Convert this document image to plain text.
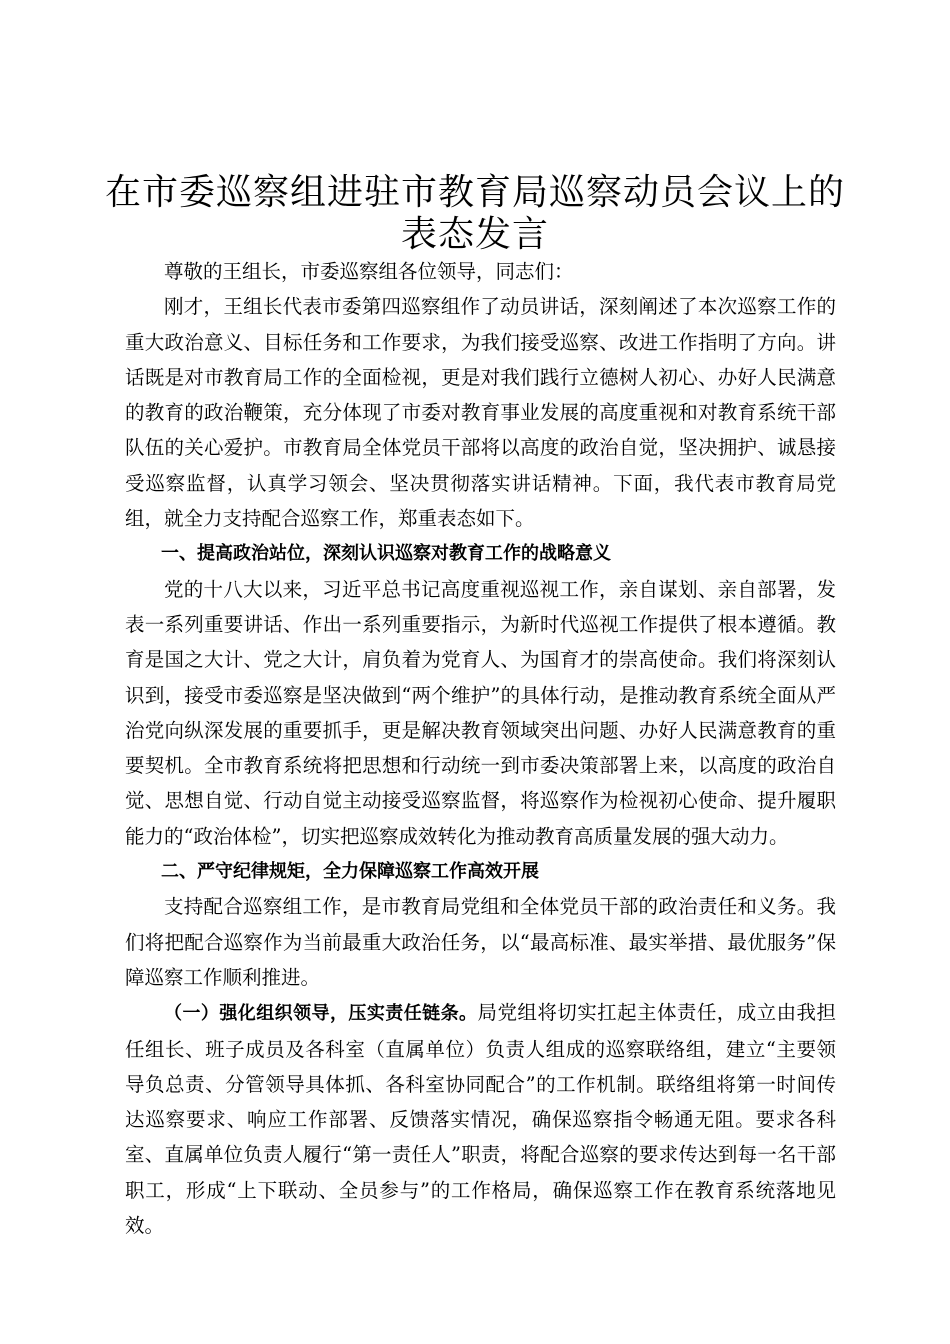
在市委巡察组进驻市教育局巡察动员会议上的
表态发言

尊敬的王组长，市委巡察组各位领导，同志们：

刚才，王组长代表市委第四巡察组作了动员讲话，深刻阐述了本次巡察工作的重大政治意义、目标任务和工作要求，为我们接受巡察、改进工作指明了方向。讲话既是对市教育局工作的全面检视，更是对我们践行立德树人初心、办好人民满意的教育的政治鞭策，充分体现了市委对教育事业发展的高度重视和对教育系统干部队伍的关心爱护。市教育局全体党员干部将以高度的政治自觉，坚决拥护、诚恳接受巡察监督，认真学习领会、坚决贯彻落实讲话精神。下面，我代表市教育局党组，就全力支持配合巡察工作，郑重表态如下。

一、提高政治站位，深刻认识巡察对教育工作的战略意义

党的十八大以来，习近平总书记高度重视巡视工作，亲自谋划、亲自部署，发表一系列重要讲话、作出一系列重要指示，为新时代巡视工作提供了根本遵循。教育是国之大计、党之大计，肩负着为党育人、为国育才的崇高使命。我们将深刻认识到，接受市委巡察是坚决做到“两个维护”的具体行动，是推动教育系统全面从严治党向纵深发展的重要抓手，更是解决教育领域突出问题、办好人民满意教育的重要契机。全市教育系统将把思想和行动统一到市委决策部署上来，以高度的政治自觉、思想自觉、行动自觉主动接受巡察监督，将巡察作为检视初心使命、提升履职能力的“政治体检”，切实把巡察成效转化为推动教育高质量发展的强大动力。

二、严守纪律规矩，全力保障巡察工作高效开展

支持配合巡察组工作，是市教育局党组和全体党员干部的政治责任和义务。我们将把配合巡察作为当前最重大政治任务，以“最高标准、最实举措、最优服务”保障巡察工作顺利推进。

（一）强化组织领导，压实责任链条。局党组将切实扛起主体责任，成立由我担任组长、班子成员及各科室（直属单位）负责人组成的巡察联络组，建立“主要领导负总责、分管领导具体抓、各科室协同配合”的工作机制。联络组将第一时间传达巡察要求、响应工作部署、反馈落实情况，确保巡察指令畅通无阻。要求各科室、直属单位负责人履行“第一责任人”职责，将配合巡察的要求传达到每一名干部职工，形成“上下联动、全员参与”的工作格局，确保巡察工作在教育系统落地见效。
